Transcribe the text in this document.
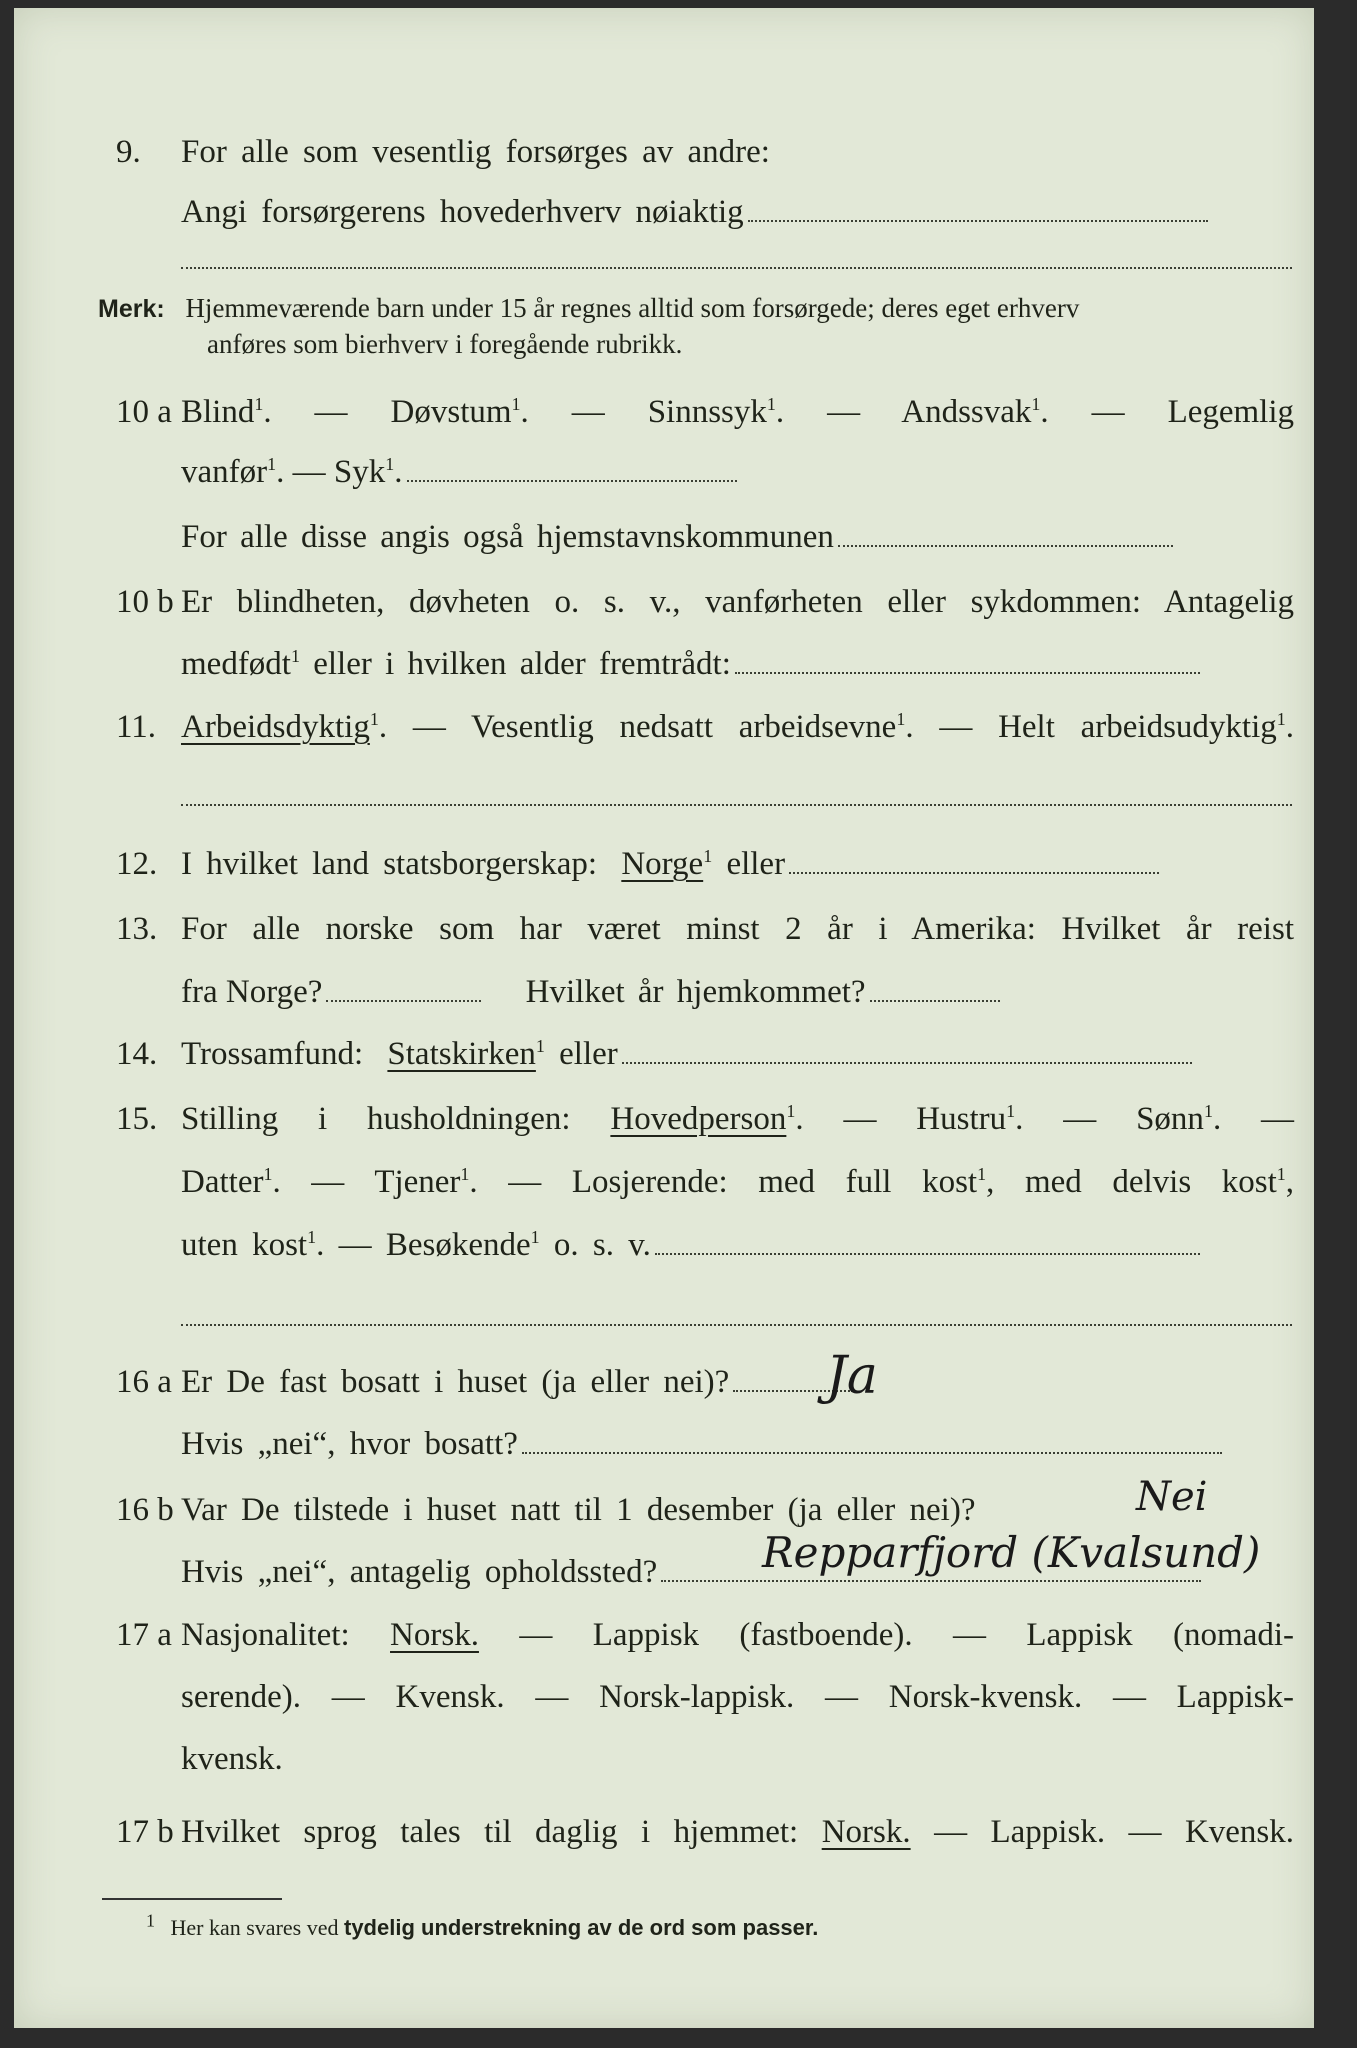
9. For alle som vesentlig forsørges av andre:
Angi forsørgerens hovederhverv nøiaktig
Merk: Hjemmeværende barn under 15 år regnes alltid som forsørgede; deres eget erhverv
anføres som bierhverv i foregående rubrikk.
10 a Blind$^1$. — Døvstum$^1$. — Sinnssyk$^1$. — Andssvak$^1$. — Legemlig
vanfør$^1$. — Syk$^1$.
For alle disse angis også hjemstavnskommunen
10 b Er blindheten, døvheten o. s. v., vanførheten eller sykdommen: Antagelig
medfødt$^1$ eller i hvilken alder fremtrådt:
11. Arbeidsdyktig$^1$. — Vesentlig nedsatt arbeidsevne$^1$. — Helt arbeidsudyktig$^1$.
12. I hvilket land statsborgerskap: Norge$^1$ eller
13. For alle norske som har været minst 2 år i Amerika: Hvilket år reist
fra Norge?	Hvilket år hjemkommet?
14. Trossamfund: Statskirken$^1$ eller
15. Stilling i husholdningen: Hovedperson$^1$. — Hustru$^1$. — Sønn$^1$. —
Datter$^1$. — Tjener$^1$. — Losjerende: med full kost$^1$, med delvis kost$^1$,
uten kost$^1$. — Besøkende$^1$ o. s. v.
16 a Er De fast bosatt i huset (ja eller nei)?	Ja
Hvis „nei“, hvor bosatt?
16 b Var De tilstede i huset natt til 1 desember (ja eller nei)?	Nei
Hvis „nei“, antagelig opholdssted?	Repparfjord (Kvalsund)
17 a Nasjonalitet: Norsk. — Lappisk (fastboende). — Lappisk (nomadi-
serende). — Kvensk. — Norsk-lappisk. — Norsk-kvensk. — Lappisk-
kvensk.
17 b Hvilket sprog tales til daglig i hjemmet: Norsk. — Lappisk. — Kvensk.
$^1$ Her kan svares ved tydelig understrekning av de ord som passer.
